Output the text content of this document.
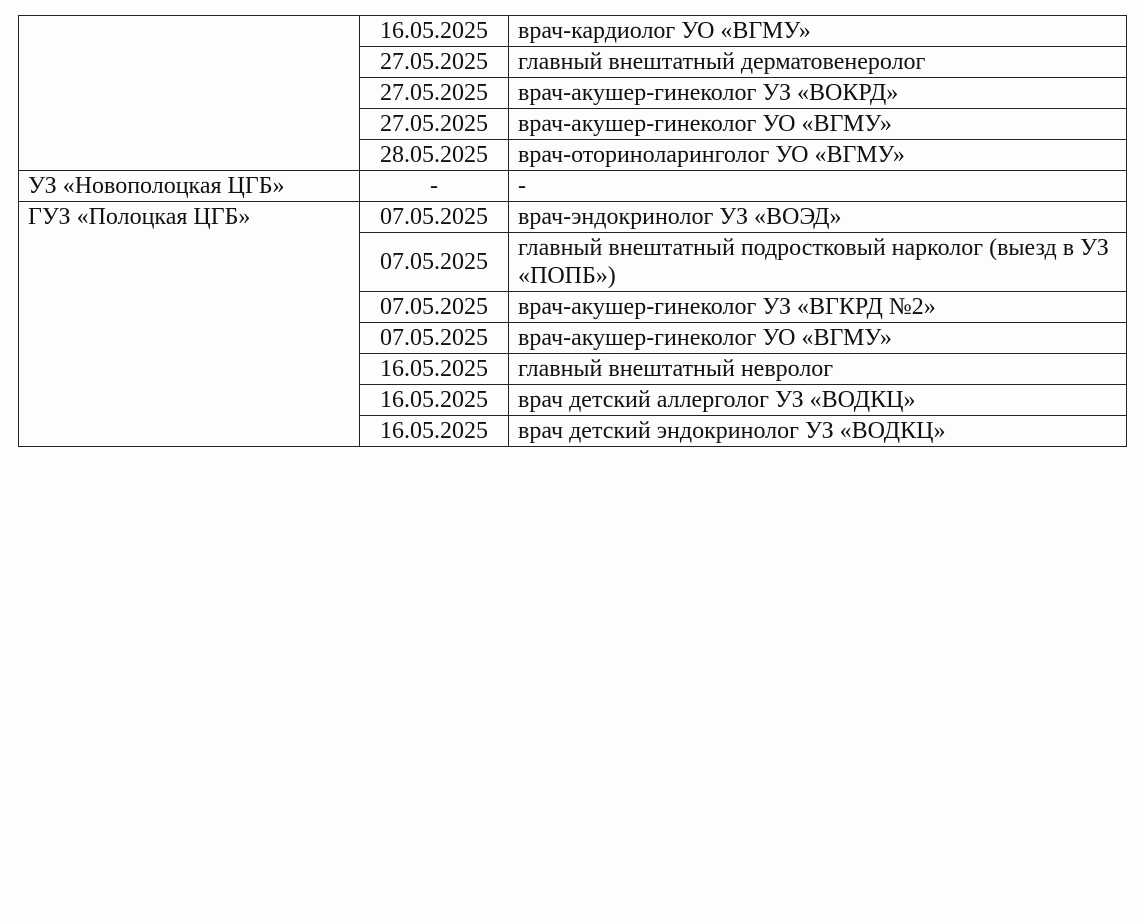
	16.05.2025	врач-кардиолог УО «ВГМУ»
	27.05.2025	главный внештатный дерматовенеролог
	27.05.2025	врач-акушер-гинеколог УЗ «ВОКРД»
	27.05.2025	врач-акушер-гинеколог УО «ВГМУ»
	28.05.2025	врач-оториноларинголог УО «ВГМУ»
УЗ «Новополоцкая ЦГБ»	-	-
ГУЗ «Полоцкая ЦГБ»	07.05.2025	врач-эндокринолог УЗ «ВОЭД»
	07.05.2025	главный внештатный подростковый нарколог (выезд в УЗ «ПОПБ»)
	07.05.2025	врач-акушер-гинеколог УЗ «ВГКРД №2»
	07.05.2025	врач-акушер-гинеколог УО «ВГМУ»
	16.05.2025	главный внештатный невролог
	16.05.2025	врач детский аллерголог УЗ «ВОДКЦ»
	16.05.2025	врач детский эндокринолог УЗ «ВОДКЦ»
